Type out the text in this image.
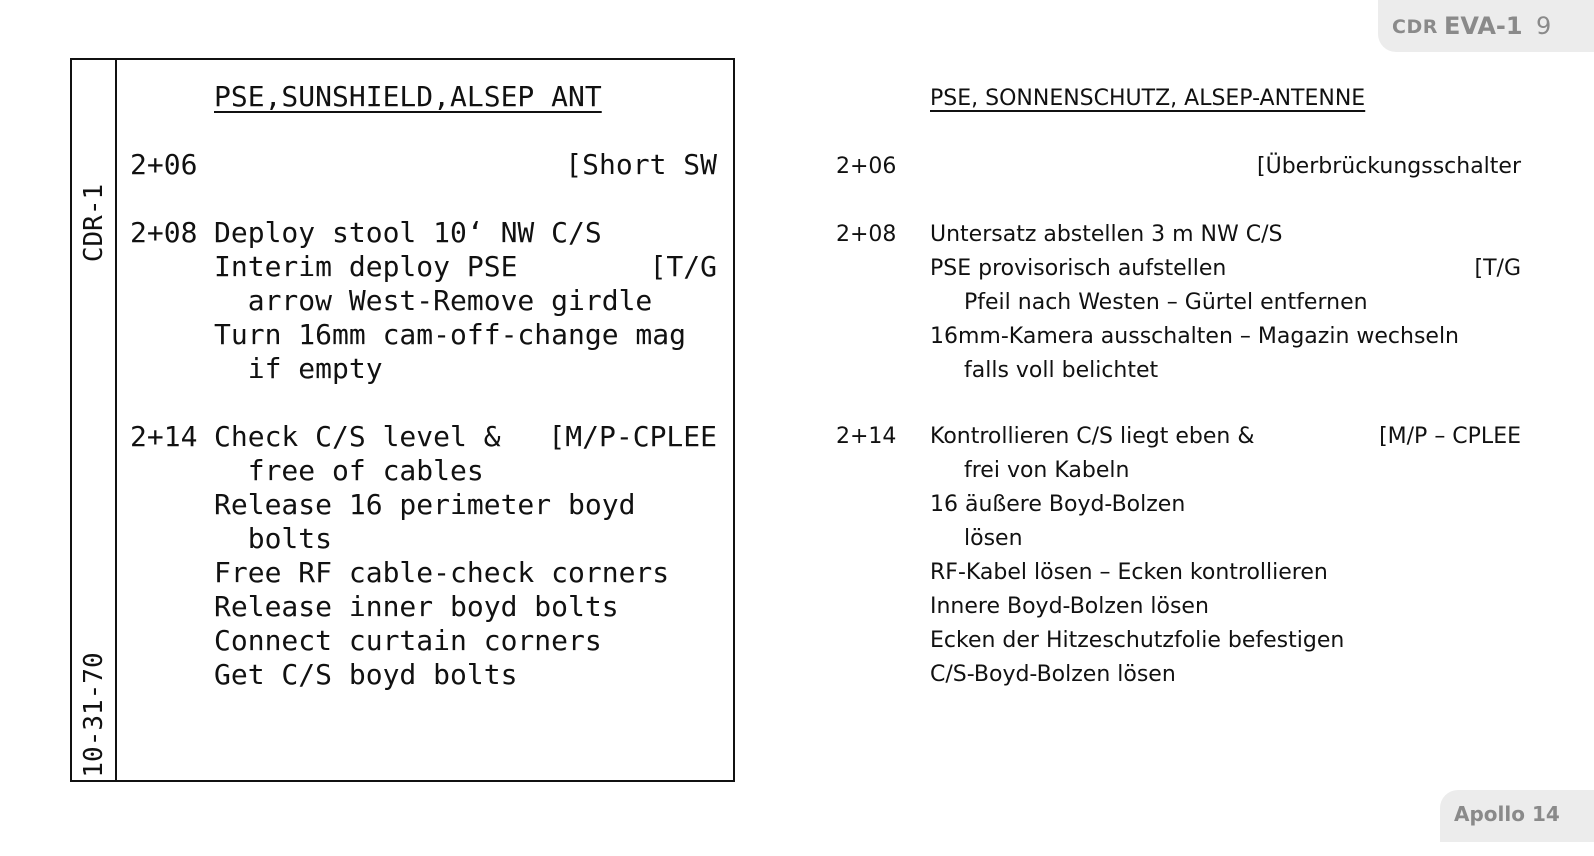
CDR EVA-1 9
CDR-1
10-31-70
PSE,SUNSHIELD,ALSEP ANT
2+06	[Short SW
2+08 Deploy stool 10‘ NW C/S
Interim deploy PSE	[T/G
arrow West-Remove girdle
Turn 16mm cam-off-change mag
if empty
2+14 Check C/S level & [M/P-CPLEE
free of cables
Release 16 perimeter boyd
bolts
Free RF cable-check corners
Release inner boyd bolts
Connect curtain corners
Get C/S boyd bolts
PSE, SONNENSCHUTZ, ALSEP-ANTENNE
2+06	[Überbrückungsschalter
2+08 Untersatz abstellen 3 m NW C/S
PSE provisorisch aufstellen	[T/G
Pfeil nach Westen – Gürtel entfernen
16mm-Kamera ausschalten – Magazin wechseln
falls voll belichtet
2+14 Kontrollieren C/S liegt eben &	[M/P – CPLEE
frei von Kabeln
16 äußere Boyd-Bolzen
lösen
RF-Kabel lösen – Ecken kontrollieren
Innere Boyd-Bolzen lösen
Ecken der Hitzeschutzfolie befestigen
C/S-Boyd-Bolzen lösen
Apollo 14
